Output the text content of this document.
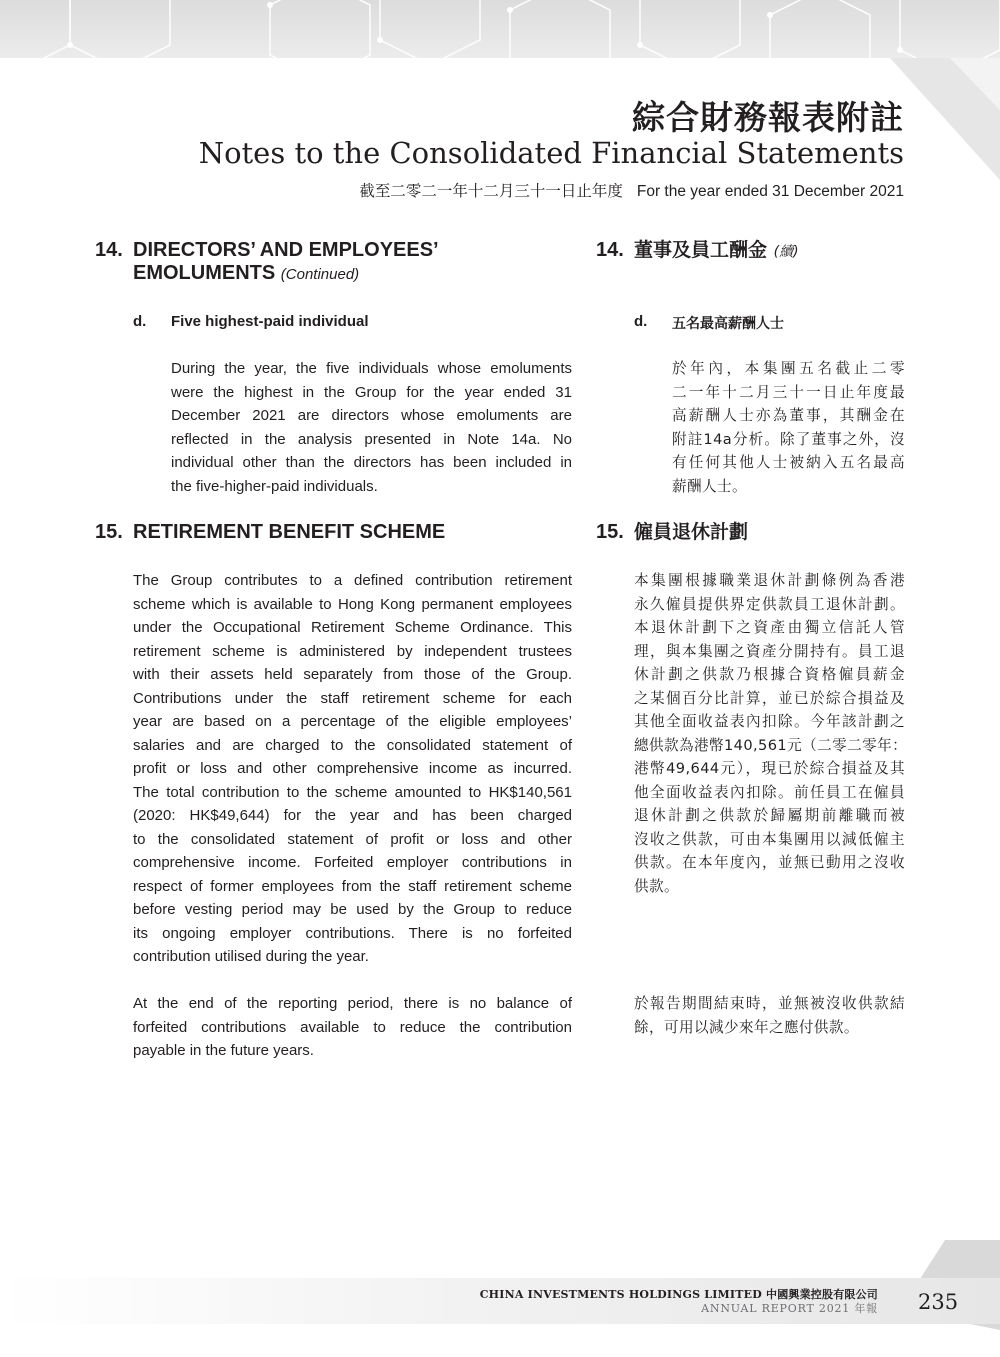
綜合財務報表附註
Notes to the Consolidated Financial Statements
截至二零二一年十二月三十一日止年度 For the year ended 31 December 2021
14. DIRECTORS’ AND EMPLOYEES’
EMOLUMENTS (Continued)
14. 董事及員工酬金 (續)
d. Five highest-paid individual	d. 五名最高薪酬人士
During the year, the five individuals whose emoluments
were the highest in the Group for the year ended 31
December 2021 are directors whose emoluments are
reflected in the analysis presented in Note 14a. No
individual other than the directors has been included in
the five-higher-paid individuals.
於年內，本集團五名截止二零
二一年十二月三十一日止年度最
高薪酬人士亦為董事，其酬金在
附註14a分析。除了董事之外，沒
有任何其他人士被納入五名最高
薪酬人士。
15. RETIREMENT BENEFIT SCHEME	15. 僱員退休計劃
The Group contributes to a defined contribution retirement
scheme which is available to Hong Kong permanent employees
under the Occupational Retirement Scheme Ordinance. This
retirement scheme is administered by independent trustees
with their assets held separately from those of the Group.
Contributions under the staff retirement scheme for each
year are based on a percentage of the eligible employees’
salaries and are charged to the consolidated statement of
profit or loss and other comprehensive income as incurred.
The total contribution to the scheme amounted to HK$140,561
(2020: HK$49,644) for the year and has been charged
to the consolidated statement of profit or loss and other
comprehensive income. Forfeited employer contributions in
respect of former employees from the staff retirement scheme
before vesting period may be used by the Group to reduce
its ongoing employer contributions. There is no forfeited
contribution utilised during the year.
本集團根據職業退休計劃條例為香港
永久僱員提供界定供款員工退休計劃。
本退休計劃下之資產由獨立信託人管
理，與本集團之資產分開持有。員工退
休計劃之供款乃根據合資格僱員薪金
之某個百分比計算，並已於綜合損益及
其他全面收益表內扣除。今年該計劃之
總供款為港幣140,561元（二零二零年：
港幣49,644元），現已於綜合損益及其
他全面收益表內扣除。前任員工在僱員
退休計劃之供款於歸屬期前離職而被
沒收之供款，可由本集團用以減低僱主
供款。在本年度內，並無已動用之沒收
供款。
At the end of the reporting period, there is no balance of
forfeited contributions available to reduce the contribution
payable in the future years.
於報告期間結束時，並無被沒收供款結
餘，可用以減少來年之應付供款。
CHINA INVESTMENTS HOLDINGS LIMITED 中國興業控股有限公司
ANNUAL REPORT 2021 年報 235
